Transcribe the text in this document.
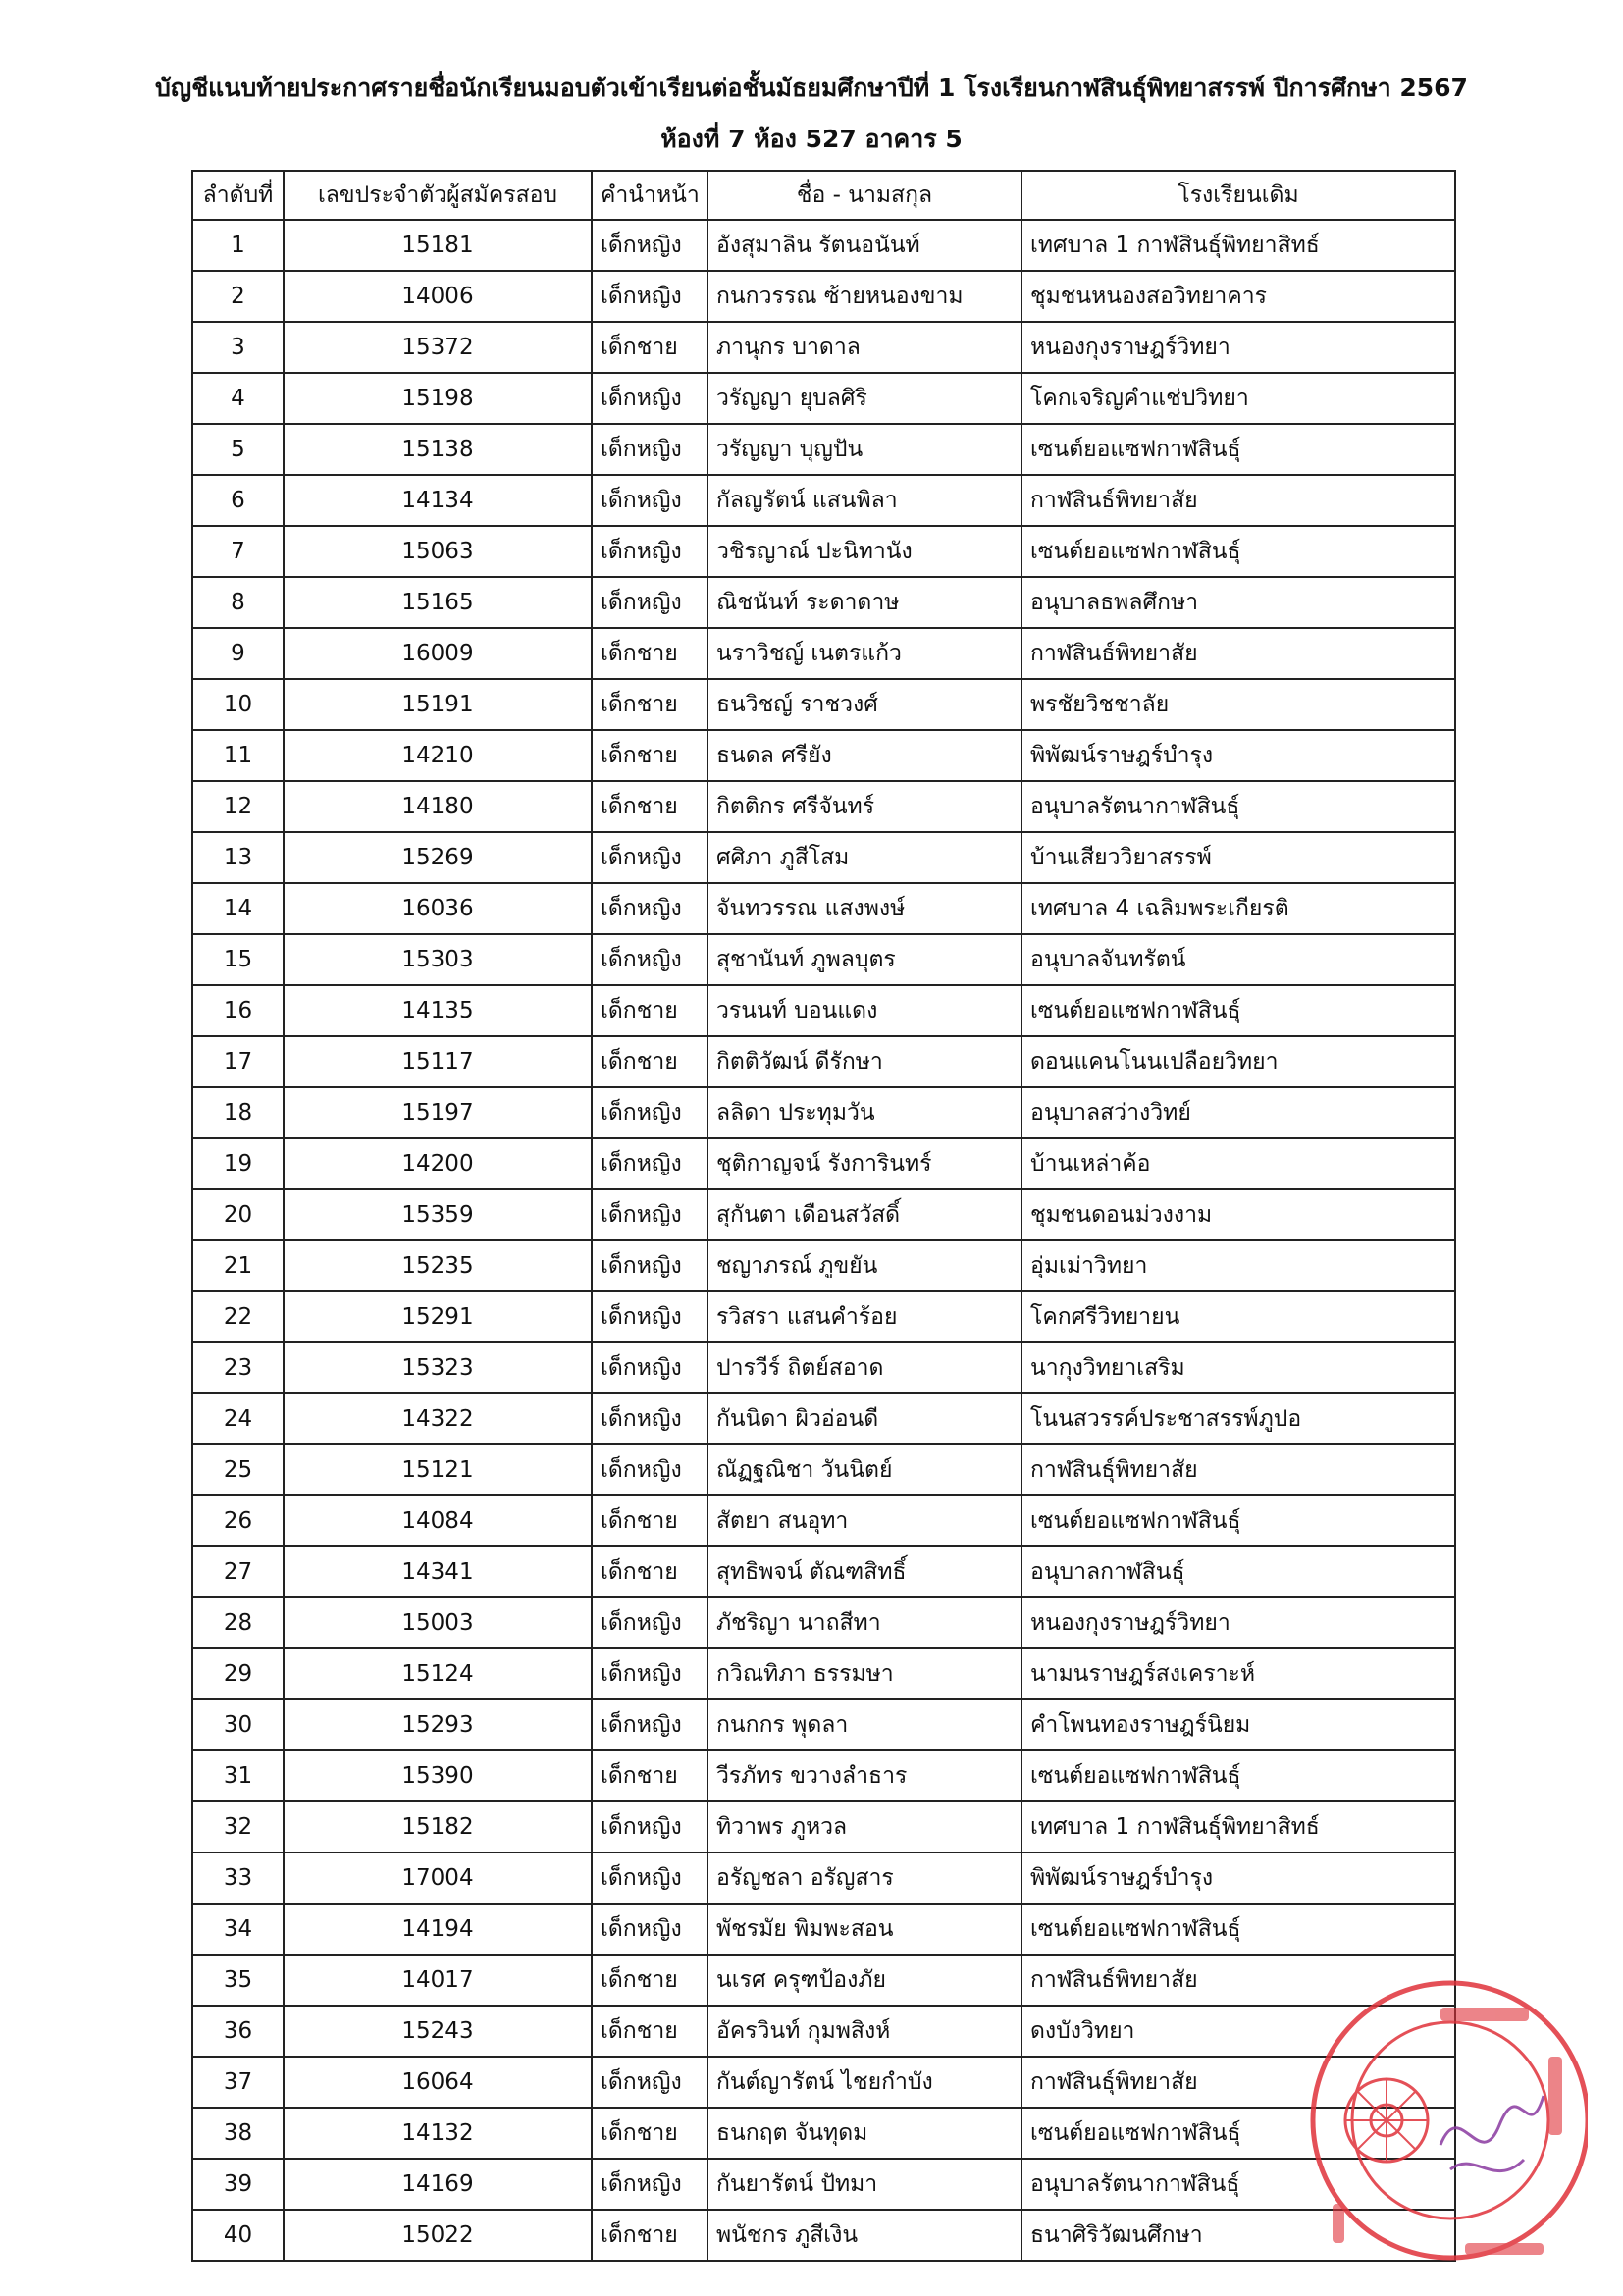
บัญชีแนบท้ายประกาศรายชื่อนักเรียนมอบตัวเข้าเรียนต่อชั้นมัธยมศึกษาปีที่ 1 โรงเรียนกาฬสินธุ์พิทยาสรรพ์ ปีการศึกษา 2567
ห้องที่ 7 ห้อง 527 อาคาร 5
ลำดับที่	เลขประจำตัวผู้สมัครสอบ	คำนำหน้า	ชื่อ - นามสกุล	โรงเรียนเดิม
1	15181	เด็กหญิง	อังสุมาลิน รัตนอนันท์	เทศบาล 1 กาฬสินธุ์พิทยาสิทธ์
2	14006	เด็กหญิง	กนกวรรณ ซ้ายหนองขาม	ชุมชนหนองสอวิทยาคาร
3	15372	เด็กชาย	ภานุกร บาดาล	หนองกุงราษฎร์วิทยา
4	15198	เด็กหญิง	วรัญญา ยุบลศิริ	โคกเจริญคำแช่ปวิทยา
5	15138	เด็กหญิง	วรัญญา บุญปัน	เซนต์ยอแซฟกาฬสินธุ์
6	14134	เด็กหญิง	กัลญรัตน์ แสนพิลา	กาฬสินธ์พิทยาสัย
7	15063	เด็กหญิง	วชิรญาณ์ ปะนิทานัง	เซนต์ยอแซฟกาฬสินธุ์
8	15165	เด็กหญิง	ณิชนันท์ ระดาดาษ	อนุบาลธพลศึกษา
9	16009	เด็กชาย	นราวิชญ์ เนตรแก้ว	กาฬสินธ์พิทยาสัย
10	15191	เด็กชาย	ธนวิชญ์ ราชวงศ์	พรชัยวิชชาลัย
11	14210	เด็กชาย	ธนดล ศรียัง	พิพัฒน์ราษฎร์บำรุง
12	14180	เด็กชาย	กิตติกร ศรีจันทร์	อนุบาลรัตนากาฬสินธุ์
13	15269	เด็กหญิง	ศศิภา ภูสีโสม	บ้านเสียววิยาสรรพ์
14	16036	เด็กหญิง	จันทวรรณ แสงพงษ์	เทศบาล 4 เฉลิมพระเกียรติ
15	15303	เด็กหญิง	สุชานันท์ ภูพลบุตร	อนุบาลจันทรัตน์
16	14135	เด็กชาย	วรนนท์ บอนแดง	เซนต์ยอแซฟกาฬสินธุ์
17	15117	เด็กชาย	กิตติวัฒน์ ดีรักษา	ดอนแคนโนนเปลือยวิทยา
18	15197	เด็กหญิง	ลลิดา ประทุมวัน	อนุบาลสว่างวิทย์
19	14200	เด็กหญิง	ชุติกาญจน์ รังการินทร์	บ้านเหล่าค้อ
20	15359	เด็กหญิง	สุกันตา เดือนสวัสดิ์	ชุมชนดอนม่วงงาม
21	15235	เด็กหญิง	ชญาภรณ์ ภูขยัน	อุ่มเม่าวิทยา
22	15291	เด็กหญิง	รวิสรา แสนคำร้อย	โคกศรีวิทยายน
23	15323	เด็กหญิง	ปารวีร์ ถิตย์สอาด	นากุงวิทยาเสริม
24	14322	เด็กหญิง	กันนิดา ผิวอ่อนดี	โนนสวรรค์ประชาสรรพ์ภูปอ
25	15121	เด็กหญิง	ณัฏฐณิชา วันนิตย์	กาฬสินธุ์พิทยาสัย
26	14084	เด็กชาย	สัตยา สนอุทา	เซนต์ยอแซฟกาฬสินธุ์
27	14341	เด็กชาย	สุทธิพจน์ ตัณฑสิทธิ์	อนุบาลกาฬสินธุ์
28	15003	เด็กหญิง	ภัชริญา นาถสีทา	หนองกุงราษฎร์วิทยา
29	15124	เด็กหญิง	กวิณทิภา ธรรมษา	นามนราษฎร์สงเคราะห์
30	15293	เด็กหญิง	กนกกร พุดลา	คำโพนทองราษฎร์นิยม
31	15390	เด็กชาย	วีรภัทร ขวางลำธาร	เซนต์ยอแซฟกาฬสินธุ์
32	15182	เด็กหญิง	ทิวาพร ภูหวล	เทศบาล 1 กาฬสินธุ์พิทยาสิทธ์
33	17004	เด็กหญิง	อรัญชลา อรัญสาร	พิพัฒน์ราษฎร์บำรุง
34	14194	เด็กหญิง	พัชรมัย พิมพะสอน	เซนต์ยอแซฟกาฬสินธุ์
35	14017	เด็กชาย	นเรศ ครุฑป้องภัย	กาฬสินธ์พิทยาสัย
36	15243	เด็กชาย	อัครวินท์ กุมพสิงห์	ดงบังวิทยา
37	16064	เด็กหญิง	กันต์ญารัตน์ ไชยกำบัง	กาฬสินธุ์พิทยาสัย
38	14132	เด็กชาย	ธนกฤต จันทุดม	เซนต์ยอแซฟกาฬสินธุ์
39	14169	เด็กหญิง	กันยารัตน์ ปัทมา	อนุบาลรัตนากาฬสินธุ์
40	15022	เด็กชาย	พนัชกร ภูสีเงิน	ธนาศิริวัฒนศึกษา
